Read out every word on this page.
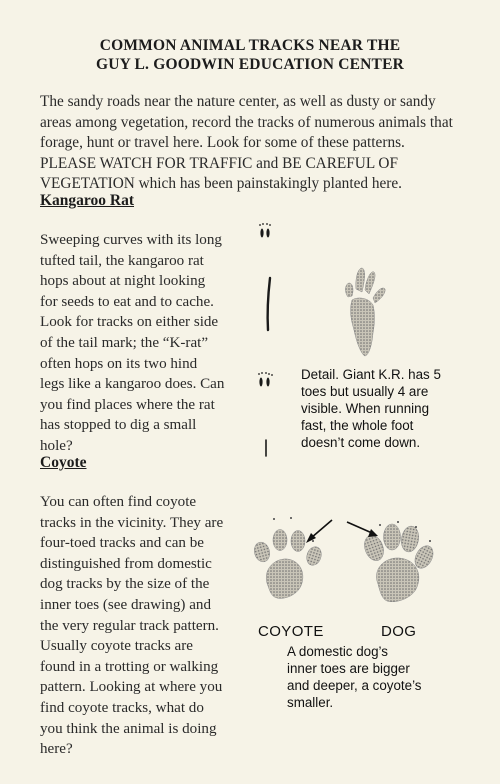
COMMON ANIMAL TRACKS NEAR THE
GUY L. GOODWIN EDUCATION CENTER
The sandy roads near the nature center, as well as dusty or sandy
areas among vegetation, record the tracks of numerous animals that
forage, hunt or travel here. Look for some of these patterns.
PLEASE WATCH FOR TRAFFIC and BE CAREFUL OF
VEGETATION which has been painstakingly planted here.
Kangaroo Rat
Sweeping curves with its long
tufted tail, the kangaroo rat
hops about at night looking
for seeds to eat and to cache.
Look for tracks on either side
of the tail mark; the “K-rat”
often hops on its two hind
legs like a kangaroo does. Can
you find places where the rat
has stopped to dig a small
hole?
Detail. Giant K.R. has 5
toes but usually 4 are
visible. When running
fast, the whole foot
doesn’t come down.
Coyote
You can often find coyote
tracks in the vicinity. They are
four-toed tracks and can be
distinguished from domestic
dog tracks by the size of the
inner toes (see drawing) and
the very regular track pattern.
Usually coyote tracks are
found in a trotting or walking
pattern. Looking at where you
find coyote tracks, what do
you think the animal is doing
here?
COYOTE	DOG
A domestic dog’s
inner toes are bigger
and deeper, a coyote’s
smaller.
